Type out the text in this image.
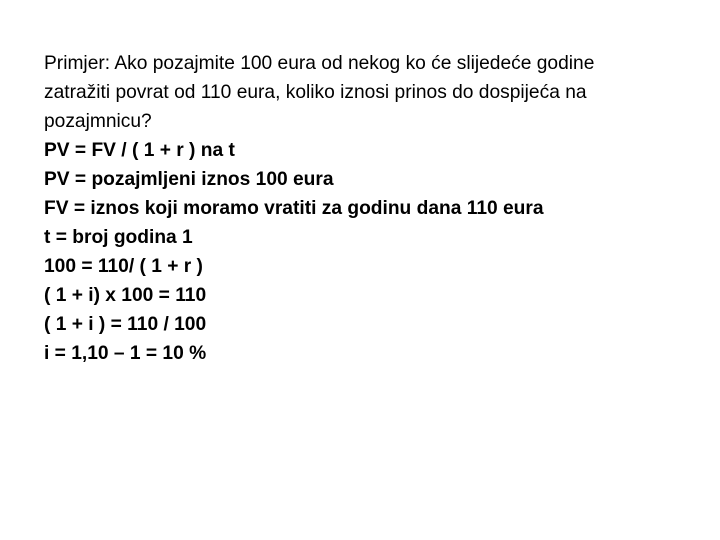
Primjer: Ako pozajmite 100 eura od nekog ko će slijedeće godine
zatražiti povrat od 110 eura, koliko iznosi prinos do dospijeća na
pozajmnicu?
PV = FV / ( 1 + r ) na t
PV = pozajmljeni iznos 100 eura
FV = iznos koji moramo vratiti za godinu dana 110 eura
t = broj godina 1
100 = 110/ ( 1 + r )
( 1 + i) x 100 = 110
( 1 + i ) = 110 / 100
i = 1,10 – 1 = 10 %
